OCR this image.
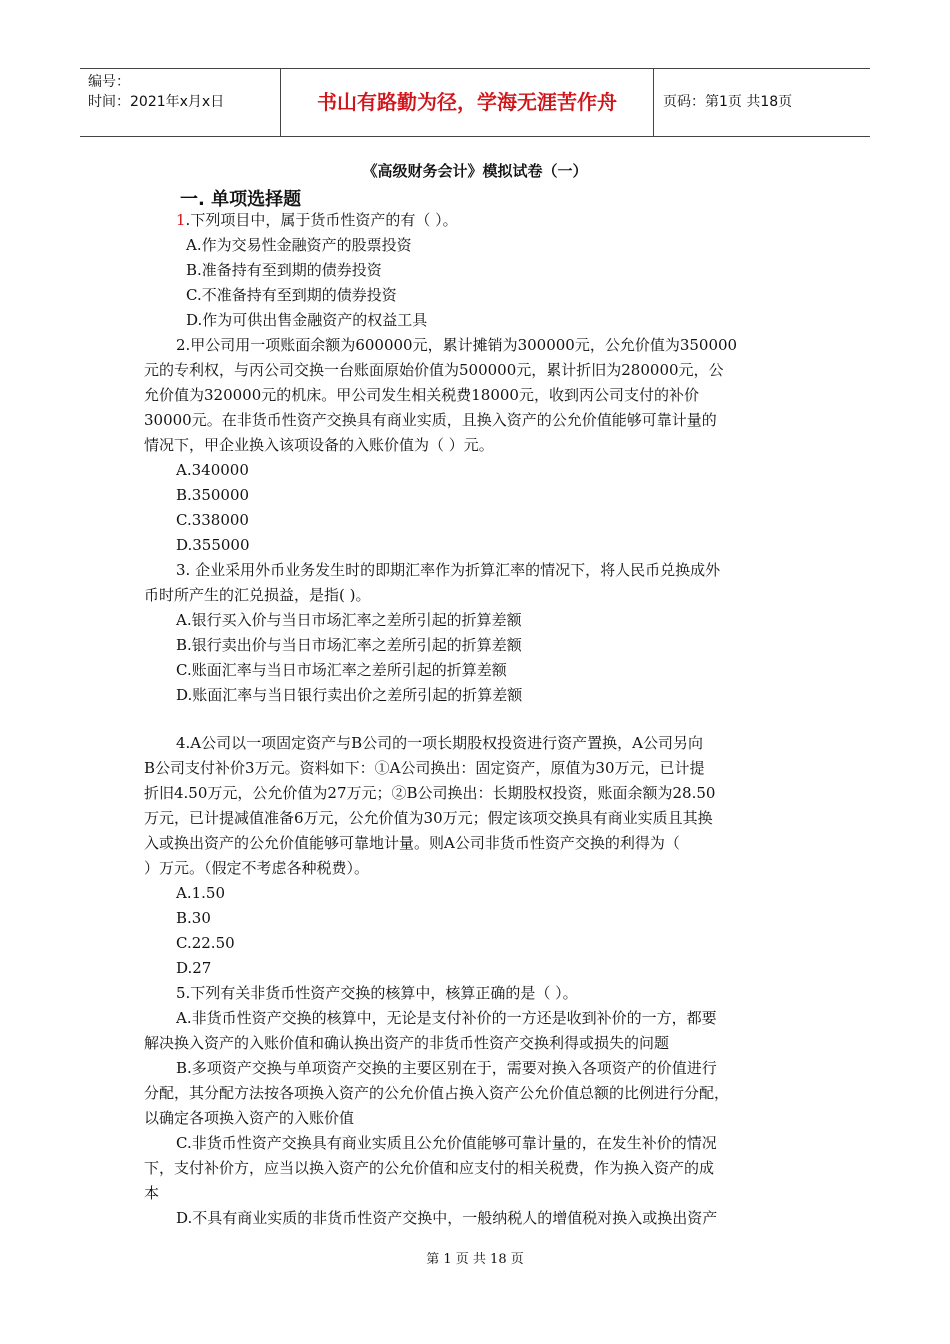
编号：
时间：2021年x月x日	书山有路勤为径，学海无涯苦作舟	页码：第1页 共18页
《高级财务会计》模拟试卷（一）
一. 单项选择题
1.下列项目中，属于货币性资产的有（ ）。
A.作为交易性金融资产的股票投资
B.准备持有至到期的债券投资
C.不准备持有至到期的债券投资
D.作为可供出售金融资产的权益工具
2.甲公司用一项账面余额为600000元，累计摊销为300000元，公允价值为350000
元的专利权，与丙公司交换一台账面原始价值为500000元，累计折旧为280000元，公
允价值为320000元的机床。甲公司发生相关税费18000元，收到丙公司支付的补价
30000元。在非货币性资产交换具有商业实质，且换入资产的公允价值能够可靠计量的
情况下，甲企业换入该项设备的入账价值为（ ）元。
A.340000
B.350000
C.338000
D.355000
3. 企业采用外币业务发生时的即期汇率作为折算汇率的情况下，将人民币兑换成外
币时所产生的汇兑损益，是指( )。
A.银行买入价与当日市场汇率之差所引起的折算差额
B.银行卖出价与当日市场汇率之差所引起的折算差额
C.账面汇率与当日市场汇率之差所引起的折算差额
D.账面汇率与当日银行卖出价之差所引起的折算差额
4.A公司以一项固定资产与B公司的一项长期股权投资进行资产置换，A公司另向
B公司支付补价3万元。资料如下：①A公司换出：固定资产，原值为30万元，已计提
折旧4.50万元，公允价值为27万元；②B公司换出：长期股权投资，账面余额为28.50
万元，已计提减值准备6万元，公允价值为30万元；假定该项交换具有商业实质且其换
入或换出资产的公允价值能够可靠地计量。则A公司非货币性资产交换的利得为（
）万元。（假定不考虑各种税费）。
A.1.50
B.30
C.22.50
D.27
5.下列有关非货币性资产交换的核算中，核算正确的是（ ）。
A.非货币性资产交换的核算中，无论是支付补价的一方还是收到补价的一方，都要
解决换入资产的入账价值和确认换出资产的非货币性资产交换利得或损失的问题
B.多项资产交换与单项资产交换的主要区别在于，需要对换入各项资产的价值进行
分配，其分配方法按各项换入资产的公允价值占换入资产公允价值总额的比例进行分配，
以确定各项换入资产的入账价值
C.非货币性资产交换具有商业实质且公允价值能够可靠计量的，在发生补价的情况
下，支付补价方，应当以换入资产的公允价值和应支付的相关税费，作为换入资产的成
本
D.不具有商业实质的非货币性资产交换中，一般纳税人的增值税对换入或换出资产
第 1 页 共 18 页
